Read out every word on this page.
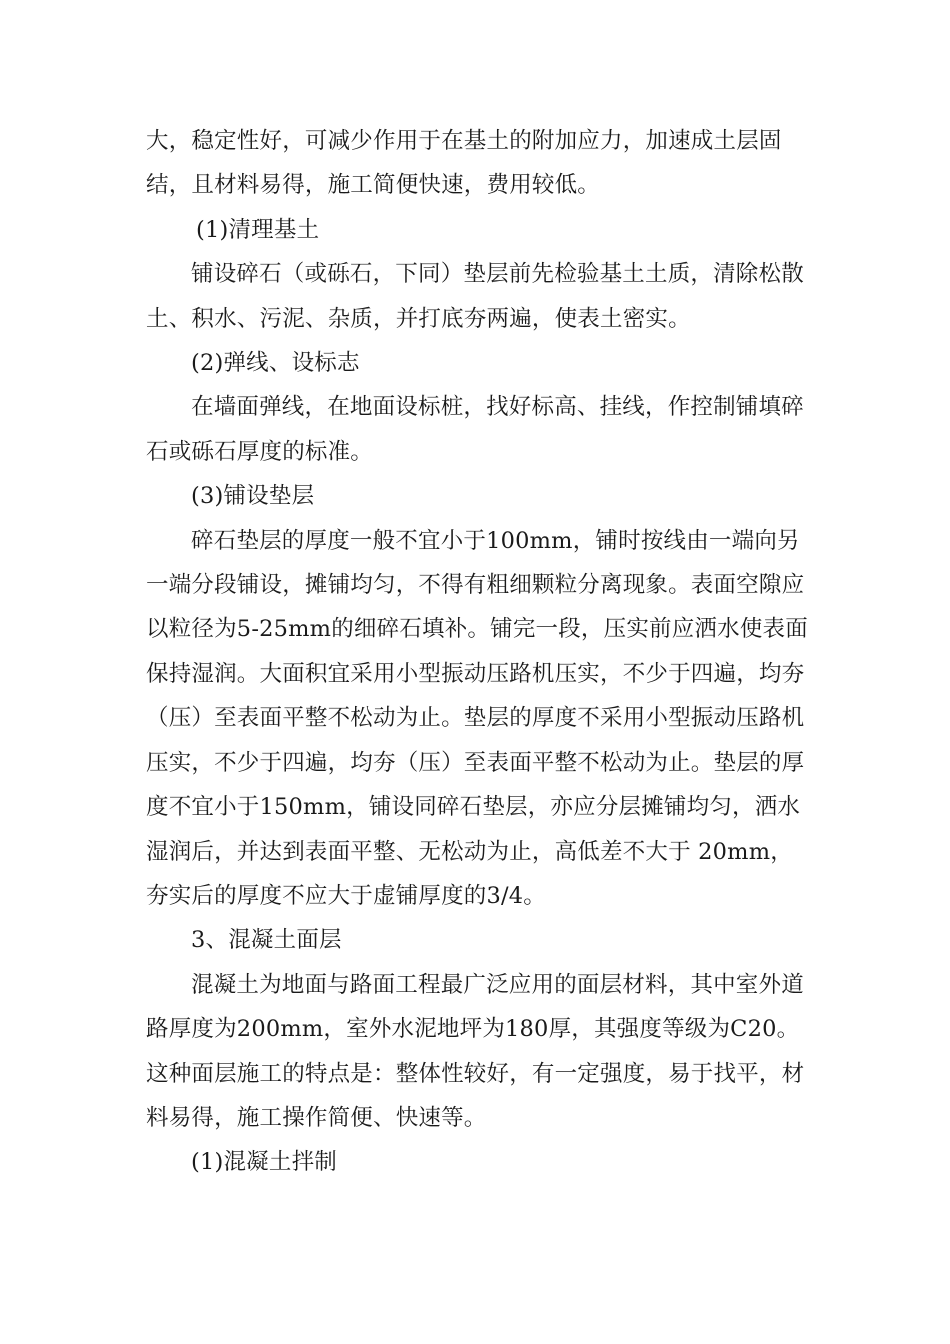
大，稳定性好，可减少作用于在基土的附加应力，加速成土层固结，且材料易得，施工简便快速，费用较低。

(1)清理基土

铺设碎石（或砾石，下同）垫层前先检验基土土质，清除松散土、积水、污泥、杂质，并打底夯两遍，使表土密实。

(2)弹线、设标志

在墙面弹线，在地面设标桩，找好标高、挂线，作控制铺填碎石或砾石厚度的标准。

(3)铺设垫层

碎石垫层的厚度一般不宜小于100mm，铺时按线由一端向另一端分段铺设，摊铺均匀，不得有粗细颗粒分离现象。表面空隙应以粒径为5-25mm的细碎石填补。铺完一段，压实前应洒水使表面保持湿润。大面积宜采用小型振动压路机压实，不少于四遍，均夯（压）至表面平整不松动为止。垫层的厚度不采用小型振动压路机压实，不少于四遍，均夯（压）至表面平整不松动为止。垫层的厚度不宜小于150mm，铺设同碎石垫层，亦应分层摊铺均匀，洒水湿润后，并达到表面平整、无松动为止，高低差不大于 20mm，夯实后的厚度不应大于虚铺厚度的3/4。

3、混凝土面层

混凝土为地面与路面工程最广泛应用的面层材料，其中室外道路厚度为200mm，室外水泥地坪为180厚，其强度等级为C20。这种面层施工的特点是：整体性较好，有一定强度，易于找平，材料易得，施工操作简便、快速等。

(1)混凝土拌制
